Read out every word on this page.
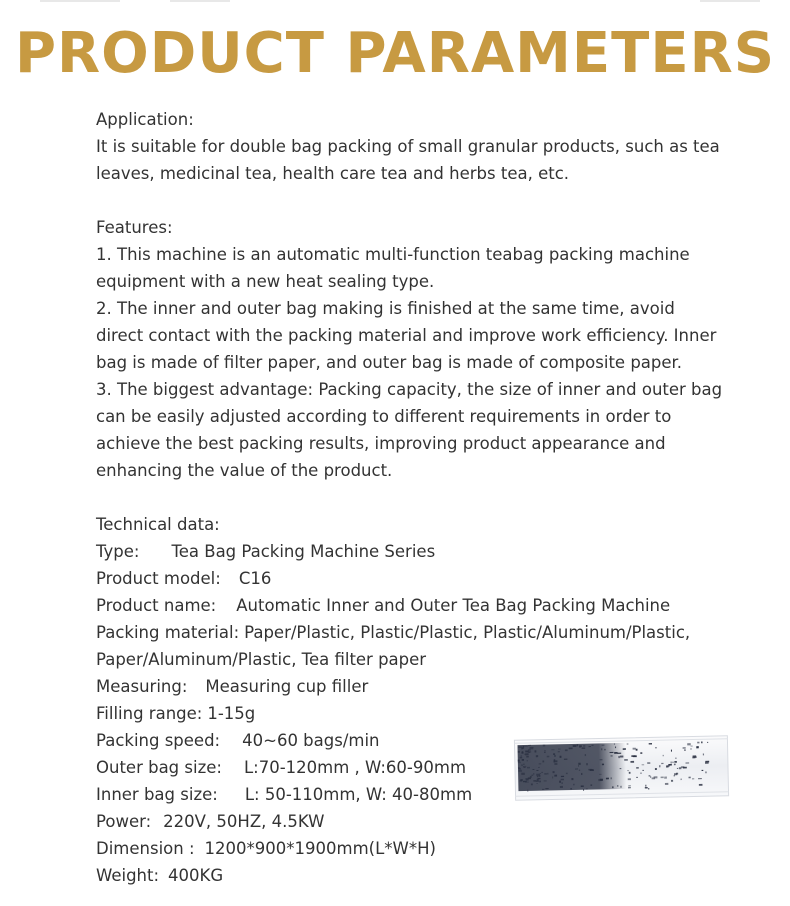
PRODUCT PARAMETERS

Application:

It is suitable for double bag packing of small granular products, such as tea leaves, medicinal tea, health care tea and herbs tea, etc.

Features:

1. This machine is an automatic multi-function teabag packing machine equipment with a new heat sealing type.

2. The inner and outer bag making is finished at the same time, avoid direct contact with the packing material and improve work efficiency. Inner bag is made of filter paper, and outer bag is made of composite paper.

3. The biggest advantage: Packing capacity, the size of inner and outer bag can be easily adjusted according to different requirements in order to achieve the best packing results, improving product appearance and enhancing the value of the product.

Technical data:

Type: Tea Bag Packing Machine Series

Product model: C16

Product name: Automatic Inner and Outer Tea Bag Packing Machine

Packing material: Paper/Plastic, Plastic/Plastic, Plastic/Aluminum/Plastic, Paper/Aluminum/Plastic, Tea filter paper

Measuring: Measuring cup filler

Filling range: 1-15g

Packing speed: 40~60 bags/min

Outer bag size: L:70-120mm , W:60-90mm

Inner bag size: L: 50-110mm, W: 40-80mm

Power: 220V, 50HZ, 4.5KW

Dimension : 1200*900*1900mm(L*W*H)

Weight: 400KG
